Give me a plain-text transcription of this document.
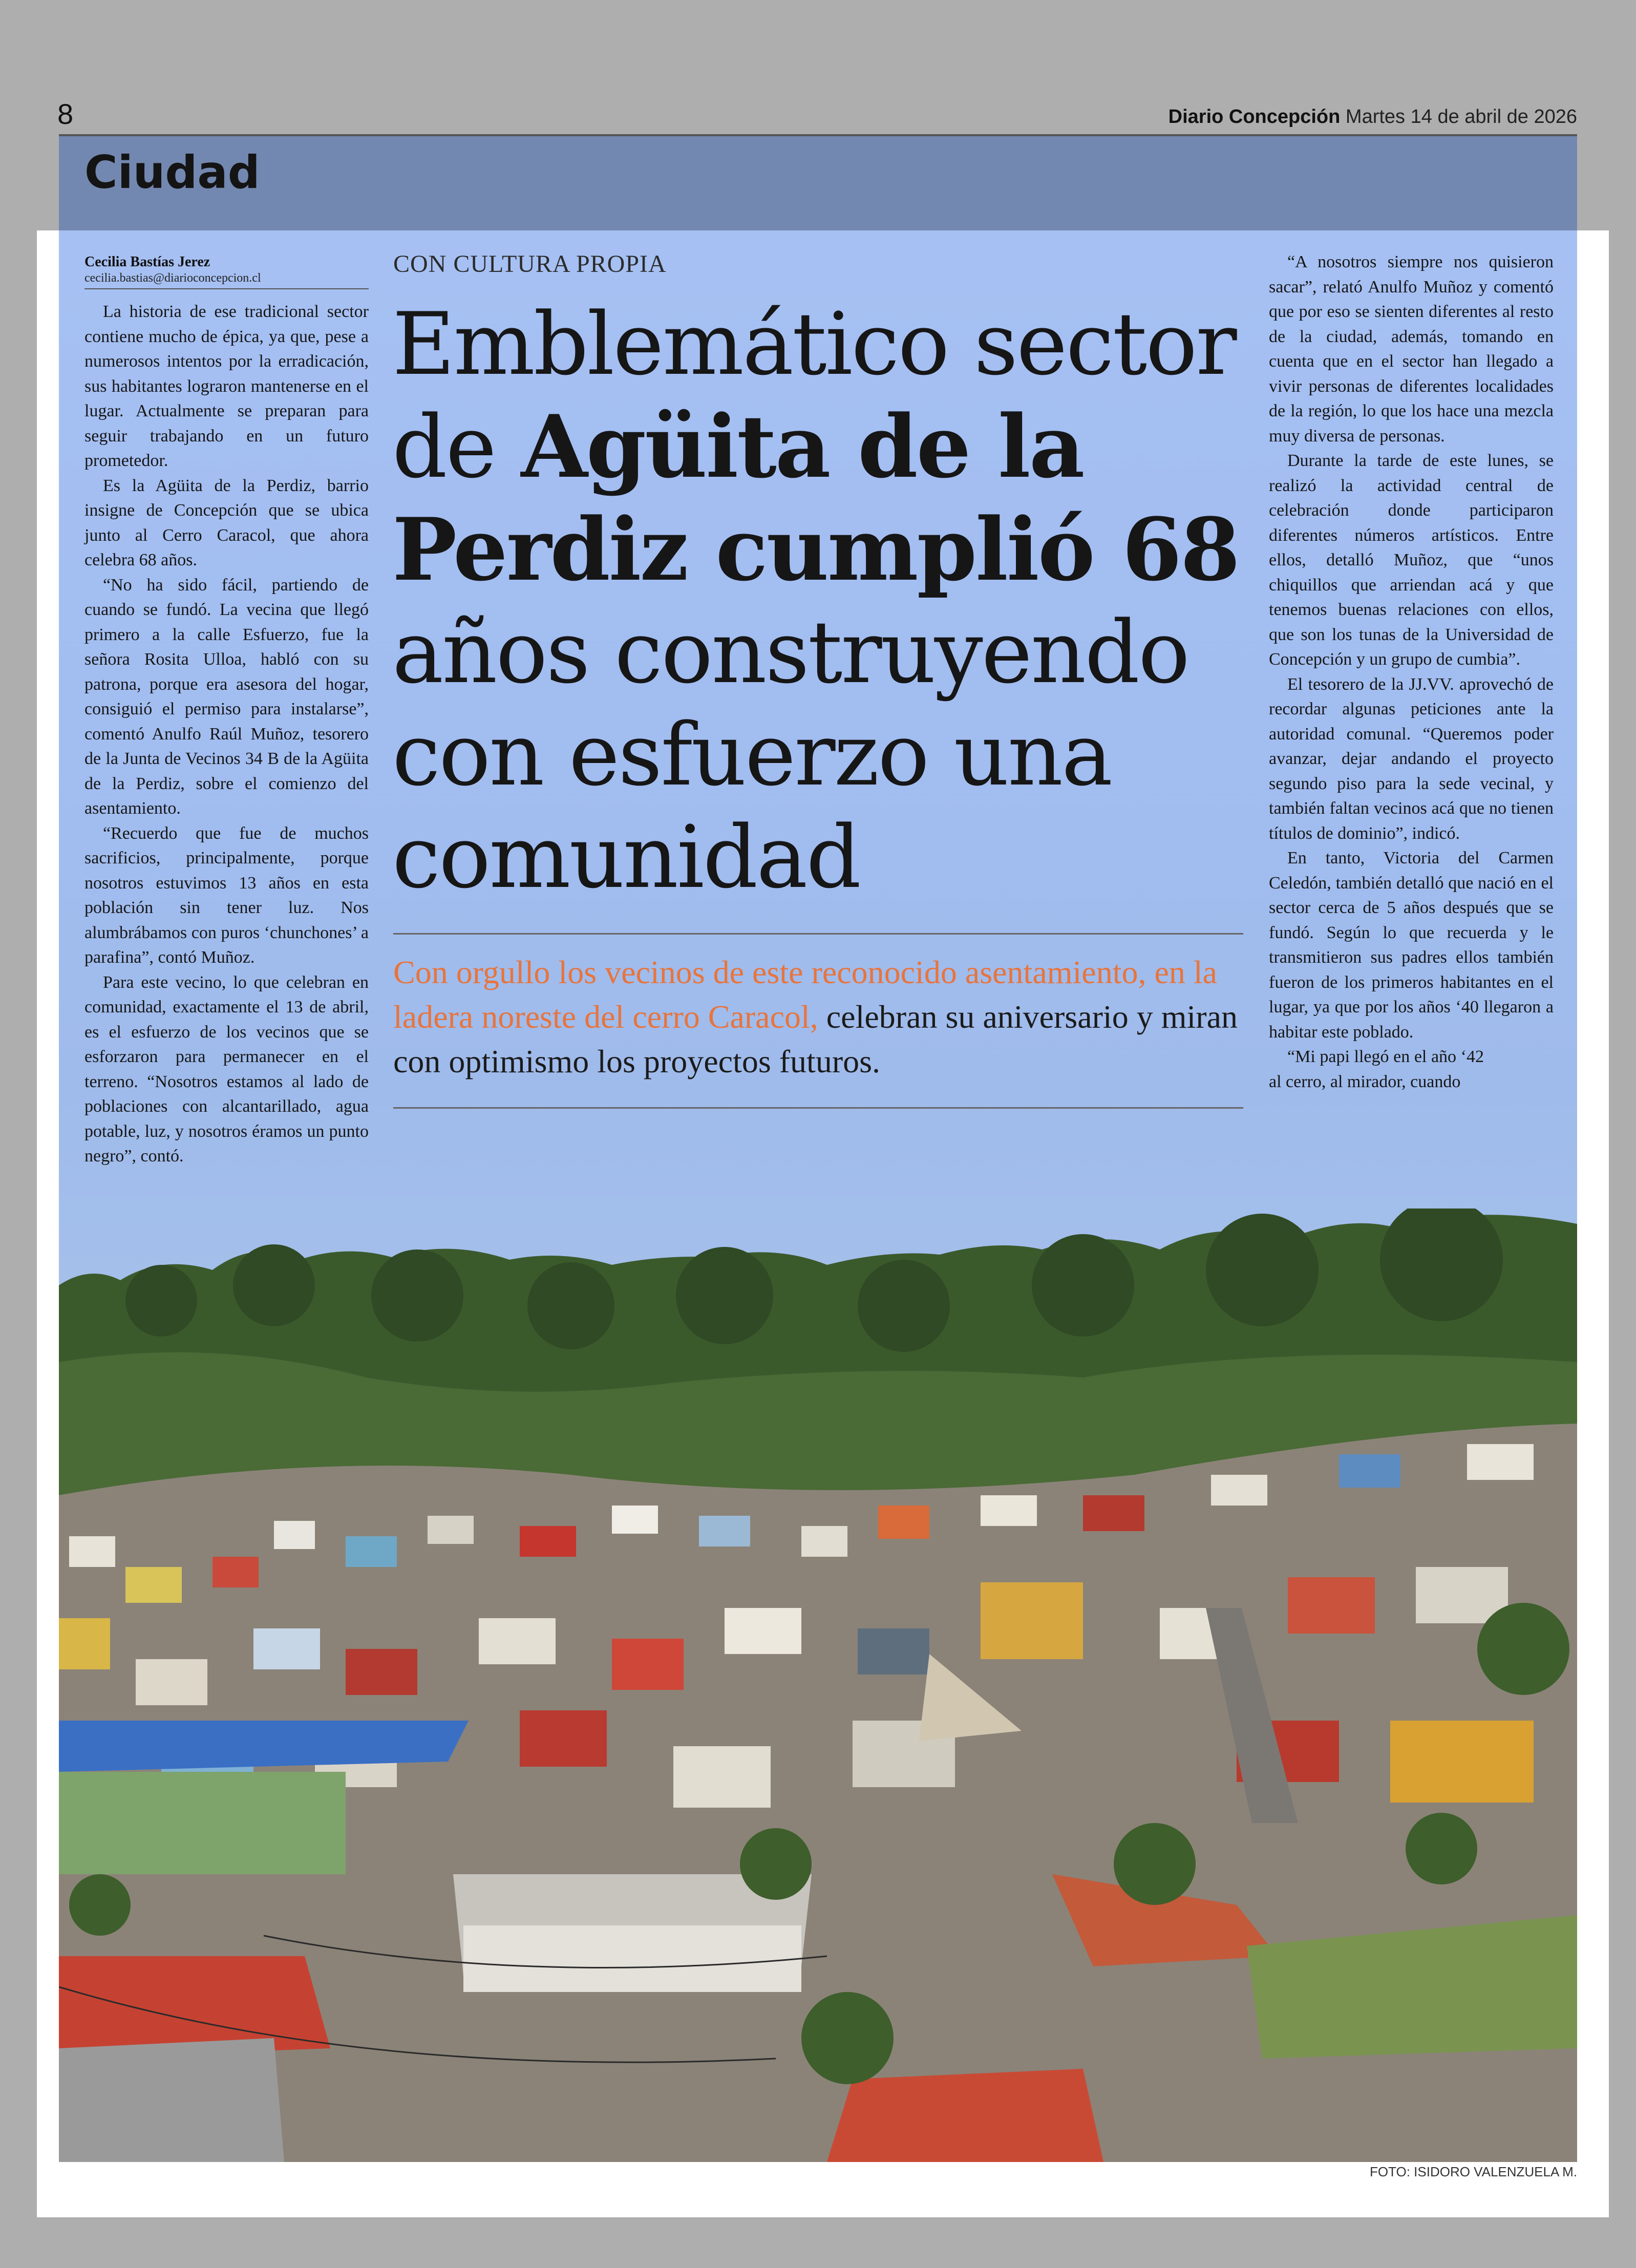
8	Diario Concepción Martes 14 de abril de 2026
Ciudad
Cecilia Bastías Jerez
cecilia.bastias@diarioconcepcion.cl

La historia de ese tradicional sector contiene mucho de épica, ya que, pese a numerosos intentos por la erradicación, sus habitantes lograron mantenerse en el lugar. Actualmente se preparan para seguir trabajando en un futuro prometedor.

Es la Agüita de la Perdiz, barrio insigne de Concepción que se ubica junto al Cerro Caracol, que ahora celebra 68 años.

“No ha sido fácil, partiendo de cuando se fundó. La vecina que llegó primero a la calle Esfuerzo, fue la señora Rosita Ulloa, habló con su patrona, porque era asesora del hogar, consiguió el permiso para instalarse”, comentó Anulfo Raúl Muñoz, tesorero de la Junta de Vecinos 34 B de la Agüita de la Perdiz, sobre el comienzo del asentamiento.

“Recuerdo que fue de muchos sacrificios, principalmente, porque nosotros estuvimos 13 años en esta población sin tener luz. Nos alumbrábamos con puros ‘chunchones’ a parafina”, contó Muñoz.

Para este vecino, lo que celebran en comunidad, exactamente el 13 de abril, es el esfuerzo de los vecinos que se esforzaron para permanecer en el terreno. “Nosotros estamos al lado de poblaciones con alcantarillado, agua potable, luz, y nosotros éramos un punto negro”, contó.

CON CULTURA PROPIA
Emblemático sector de Agüita de la Perdiz cumplió 68 años construyendo con esfuerzo una comunidad
Con orgullo los vecinos de este reconocido asentamiento, en la ladera noreste del cerro Caracol, celebran su aniversario y miran con optimismo los proyectos futuros.

“A nosotros siempre nos quisieron sacar”, relató Anulfo Muñoz y comentó que por eso se sienten diferentes al resto de la ciudad, además, tomando en cuenta que en el sector han llegado a vivir personas de diferentes localidades de la región, lo que los hace una mezcla muy diversa de personas.

Durante la tarde de este lunes, se realizó la actividad central de celebración donde participaron diferentes números artísticos. Entre ellos, detalló Muñoz, que “unos chiquillos que arriendan acá y que tenemos buenas relaciones con ellos, que son los tunas de la Universidad de Concepción y un grupo de cumbia”.

El tesorero de la JJ.VV. aprovechó de recordar algunas peticiones ante la autoridad comunal. “Queremos poder avanzar, dejar andando el proyecto segundo piso para la sede vecinal, y también faltan vecinos acá que no tienen títulos de dominio”, indicó.

En tanto, Victoria del Carmen Celedón, también detalló que nació en el sector cerca de 5 años después que se fundó. Según lo que recuerda y le transmitieron sus padres ellos también fueron de los primeros habitantes en el lugar, ya que por los años ‘40 llegaron a habitar este poblado.

“Mi papi llegó en el año ‘42 al cerro, al mirador, cuando

FOTO: ISIDORO VALENZUELA M.
